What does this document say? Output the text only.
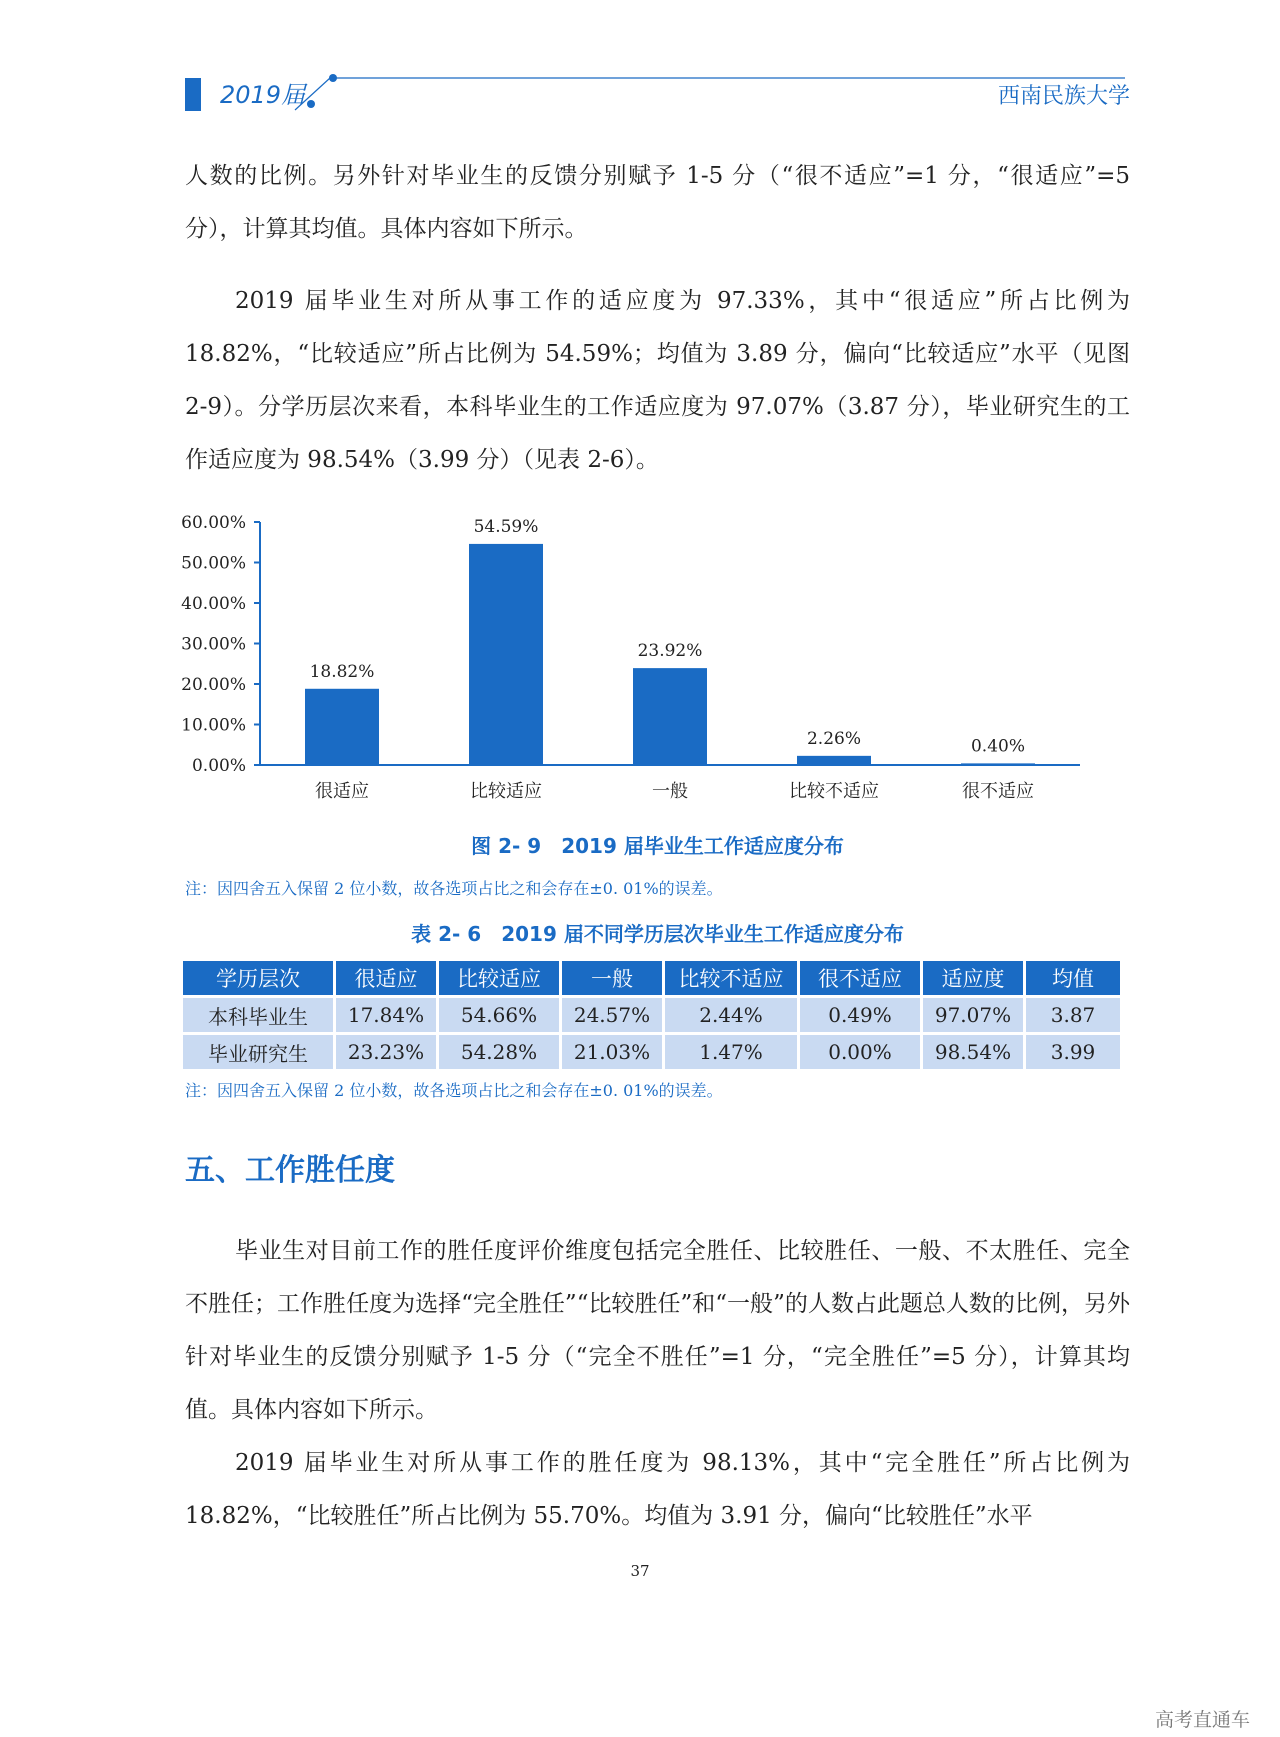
2019届	西南民族大学

人数的比例。另外针对毕业生的反馈分别赋予 1-5 分（“很不适应”=1 分，“很适应”=5 分），计算其均值。具体内容如下所示。

2019 届毕业生对所从事工作的适应度为 97.33%，其中“很适应”所占比例为 18.82%，“比较适应”所占比例为 54.59%；均值为 3.89 分，偏向“比较适应”水平（见图 2-9）。分学历层次来看，本科毕业生的工作适应度为 97.07%（3.87 分），毕业研究生的工作适应度为 98.54%（3.99 分）（见表 2-6）。

0.00%
10.00%
20.00%
30.00%
40.00%
50.00%
60.00%
18.82%
很适应
54.59%
比较适应
23.92%
一般
2.26%
比较不适应
0.40%
很不适应
图 2- 9　2019 届毕业生工作适应度分布
注：因四舍五入保留 2 位小数，故各选项占比之和会存在±0. 01%的误差。
表 2- 6　2019 届不同学历层次毕业生工作适应度分布
学历层次	很适应	比较适应	一般	比较不适应	很不适应	适应度	均值
本科毕业生	17.84%	54.66%	24.57%	2.44%	0.49%	97.07%	3.87
毕业研究生	23.23%	54.28%	21.03%	1.47%	0.00%	98.54%	3.99
注：因四舍五入保留 2 位小数，故各选项占比之和会存在±0. 01%的误差。
五、工作胜任度

毕业生对目前工作的胜任度评价维度包括完全胜任、比较胜任、一般、不太胜任、完全不胜任；工作胜任度为选择“完全胜任”“比较胜任”和“一般”的人数占此题总人数的比例，另外针对毕业生的反馈分别赋予 1-5 分（“完全不胜任”=1 分，“完全胜任”=5 分），计算其均值。具体内容如下所示。

2019 届毕业生对所从事工作的胜任度为 98.13%，其中“完全胜任”所占比例为 18.82%，“比较胜任”所占比例为 55.70%。均值为 3.91 分，偏向“比较胜任”水平

37
高考直通车
